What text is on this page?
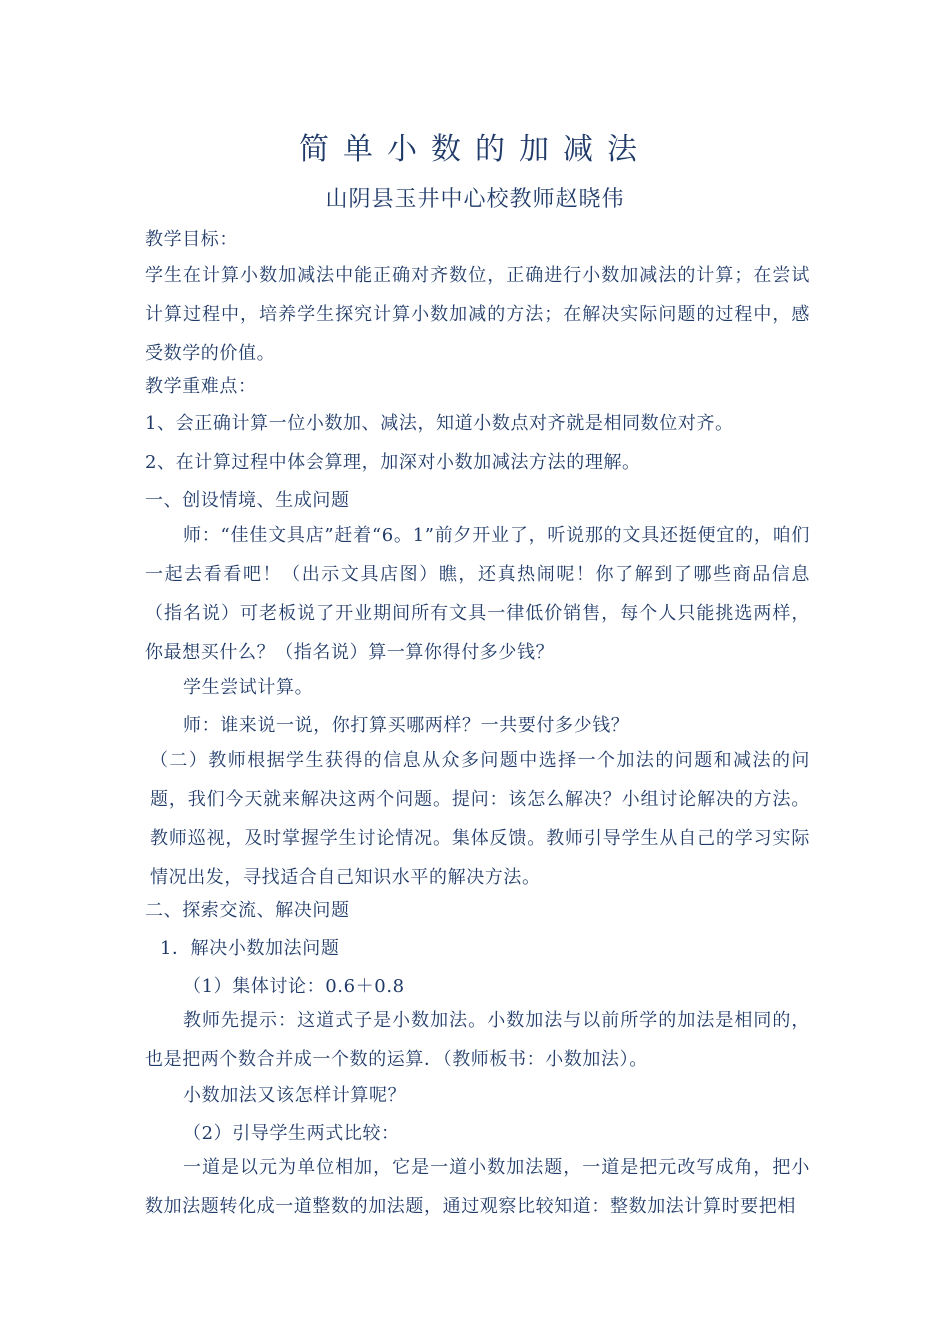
简单小数的加减法
山阴县玉井中心校教师赵晓伟
教学目标：

学生在计算小数加减法中能正确对齐数位，正确进行小数加减法的计算；在尝试计算过程中，培养学生探究计算小数加减的方法；在解决实际问题的过程中，感受数学的价值。

教学重难点：
1、会正确计算一位小数加、减法，知道小数点对齐就是相同数位对齐。
2、在计算过程中体会算理，加深对小数加减法方法的理解。
一、创设情境、生成问题

师：“佳佳文具店”赶着“6。1”前夕开业了，听说那的文具还挺便宜的，咱们一起去看看吧！（出示文具店图）瞧，还真热闹呢！你了解到了哪些商品信息（指名说）可老板说了开业期间所有文具一律低价销售，每个人只能挑选两样，你最想买什么？（指名说）算一算你得付多少钱？

学生尝试计算。
师：谁来说一说，你打算买哪两样？一共要付多少钱？

（二）教师根据学生获得的信息从众多问题中选择一个加法的问题和减法的问题，我们今天就来解决这两个问题。提问：该怎么解决？小组讨论解决的方法。教师巡视，及时掌握学生讨论情况。集体反馈。教师引导学生从自己的学习实际情况出发，寻找适合自己知识水平的解决方法。

二、探索交流、解决问题
1．解决小数加法问题
（1）集体讨论：0.6＋0.8

教师先提示：这道式子是小数加法。小数加法与以前所学的加法是相同的，也是把两个数合并成一个数的运算．（教师板书：小数加法）。

小数加法又该怎样计算呢？
（2）引导学生两式比较：

一道是以元为单位相加，它是一道小数加法题，一道是把元改写成角，把小数加法题转化成一道整数的加法题，通过观察比较知道：整数加法计算时要把相
